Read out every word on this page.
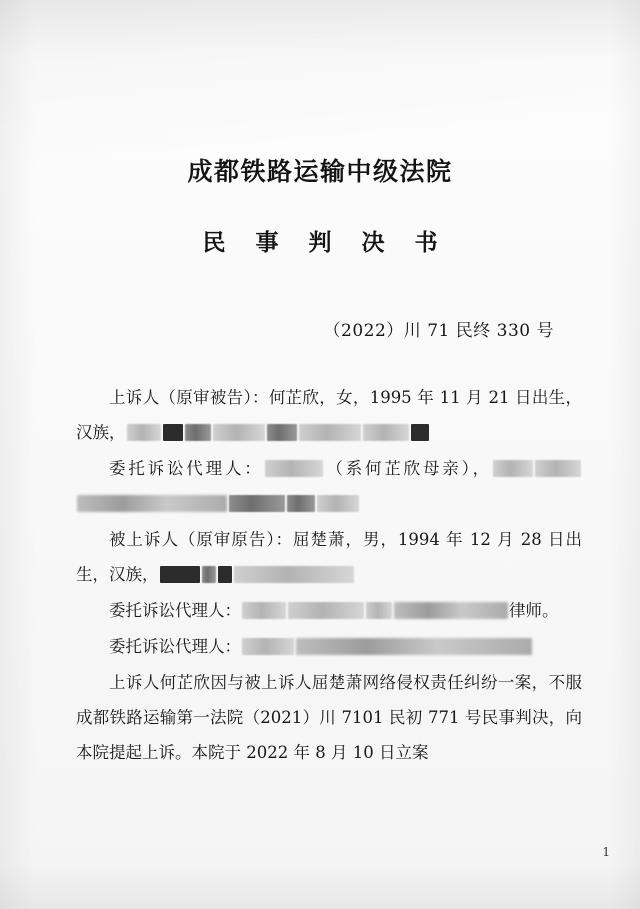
成都铁路运输中级法院
民 事 判 决 书
（2022）川 71 民终 330 号

上诉人（原审被告）：何芷欣，女，1995 年 11 月 21 日出生，汉族，

委托诉讼代理人：	（系何芷欣母亲），

被上诉人（原审原告）：屈楚萧，男，1994 年 12 月 28 日出生，汉族，

委托诉讼代理人：	律师。

委托诉讼代理人：

上诉人何芷欣因与被上诉人屈楚萧网络侵权责任纠纷一案，不服成都铁路运输第一法院（2021）川 7101 民初 771 号民事判决，向本院提起上诉。本院于 2022 年 8 月 10 日立案

1
